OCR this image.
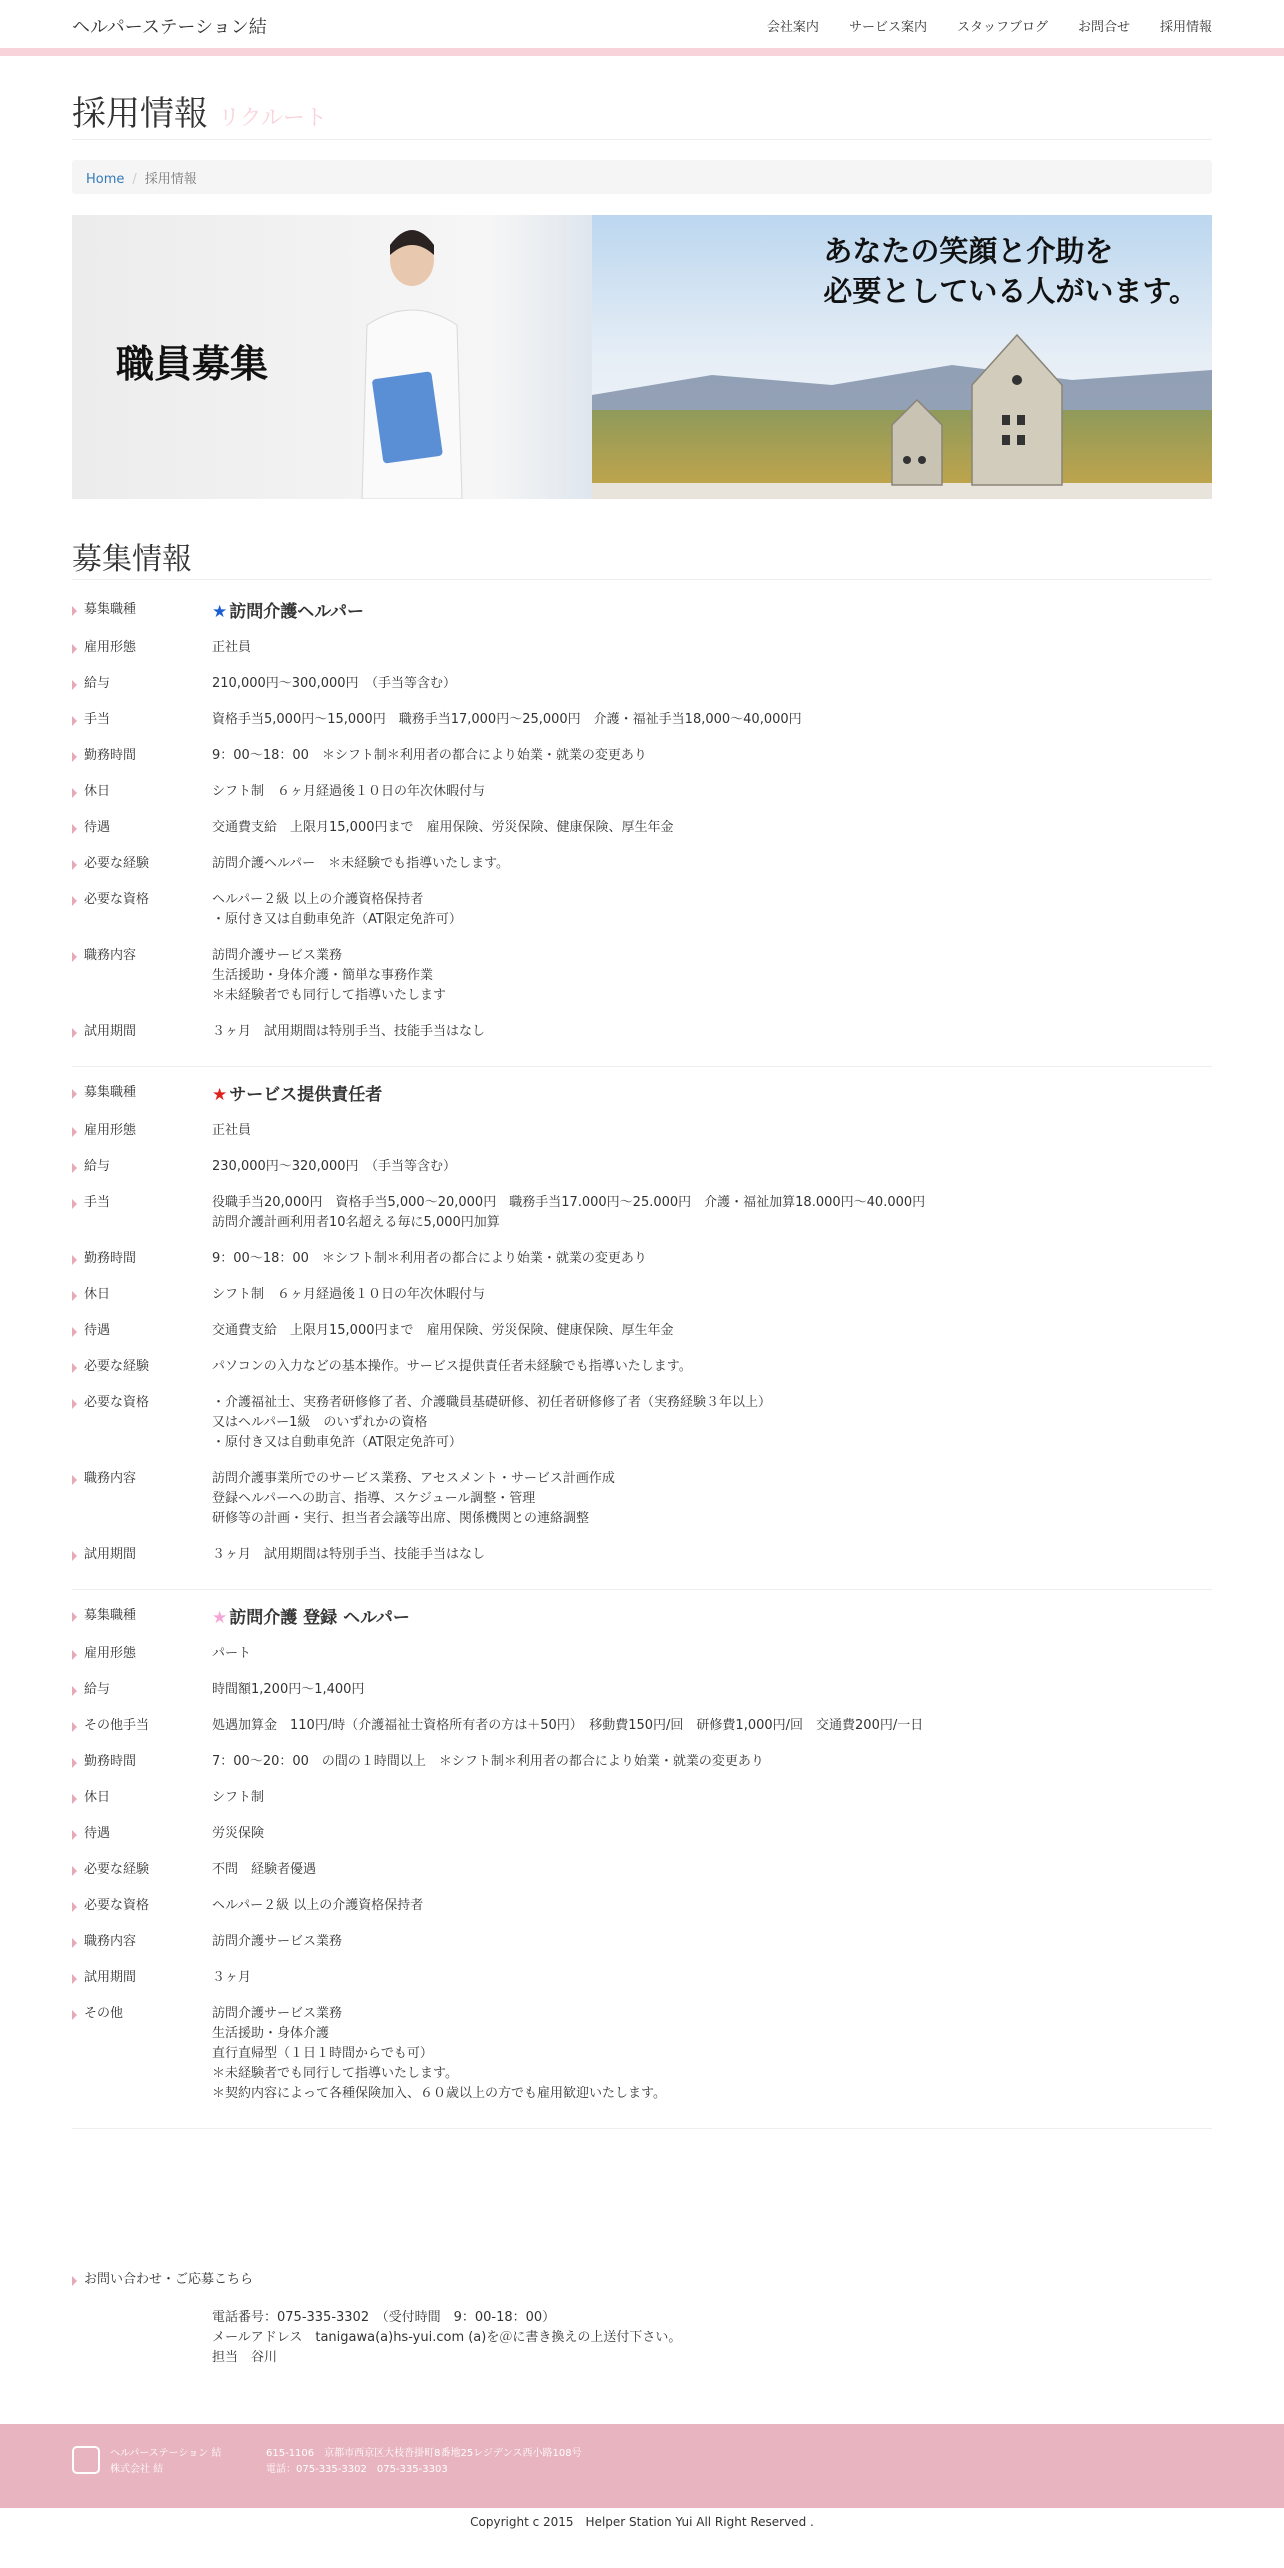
ヘルパーステーション結	会社案内 サービス案内 スタッフブログ お問合せ 採用情報
採用情報 リクルート
Home / 採用情報
職員募集
あなたの笑顔と介助を
必要としている人がいます。
募集情報
募集職種	★ 訪問介護ヘルパー
雇用形態	正社員
給与	210,000円～300,000円　（手当等含む）
手当	資格手当5,000円～15,000円　職務手当17,000円～25,000円　介護・福祉手当18,000～40,000円
勤務時間	9：00～18：00　＊シフト制＊利用者の都合により始業・就業の変更あり
休日	シフト制　６ヶ月経過後１０日の年次休暇付与
待遇	交通費支給　上限月15,000円まで　雇用保険、労災保険、健康保険、厚生年金
必要な経験	訪問介護ヘルパー　＊未経験でも指導いたします。
必要な資格	ヘルパー２級 以上の介護資格保持者
・原付き又は自動車免許（AT限定免許可）
職務内容	訪問介護サービス業務
生活援助・身体介護・簡単な事務作業
＊未経験者でも同行して指導いたします
試用期間	３ヶ月　試用期間は特別手当、技能手当はなし
募集職種	★ サービス提供責任者
雇用形態	正社員
給与	230,000円～320,000円　（手当等含む）
手当	役職手当20,000円　資格手当5,000～20,000円　職務手当17.000円～25.000円　介護・福祉加算18.000円～40.000円
訪問介護計画利用者10名超える毎に5,000円加算
勤務時間	9：00～18：00　＊シフト制＊利用者の都合により始業・就業の変更あり
休日	シフト制　６ヶ月経過後１０日の年次休暇付与
待遇	交通費支給　上限月15,000円まで　雇用保険、労災保険、健康保険、厚生年金
必要な経験	パソコンの入力などの基本操作。サービス提供責任者未経験でも指導いたします。
必要な資格	・介護福祉士、実務者研修修了者、介護職員基礎研修、初任者研修修了者（実務経験３年以上）
又はヘルパー1級　のいずれかの資格
・原付き又は自動車免許（AT限定免許可）
職務内容	訪問介護事業所でのサービス業務、アセスメント・サービス計画作成
登録ヘルパーへの助言、指導、スケジュール調整・管理
研修等の計画・実行、担当者会議等出席、関係機関との連絡調整
試用期間	３ヶ月　試用期間は特別手当、技能手当はなし
募集職種	★ 訪問介護 登録 ヘルパー
雇用形態	パート
給与	時間額1,200円～1,400円
その他手当	処遇加算金　110円/時（介護福祉士資格所有者の方は＋50円）　移動費150円/回　研修費1,000円/回　交通費200円/一日
勤務時間	7：00～20：00　の間の１時間以上　＊シフト制＊利用者の都合により始業・就業の変更あり
休日	シフト制
待遇	労災保険
必要な経験	不問　経験者優遇
必要な資格	ヘルパー２級 以上の介護資格保持者
職務内容	訪問介護サービス業務
試用期間	３ヶ月
その他	訪問介護サービス業務
生活援助・身体介護
直行直帰型（１日１時間からでも可）
＊未経験者でも同行して指導いたします。
＊契約内容によって各種保険加入、６０歳以上の方でも雇用歓迎いたします。
お問い合わせ・ご応募こちら
電話番号：075-335-3302　（受付時間　9：00-18：00）
メールアドレス　tanigawa(a)hs-yui.com (a)を＠に書き換えの上送付下さい。
担当　谷川
ヘルパーステーション 結
株式会社 結
615-1106　京都市西京区大枝沓掛町8番地25レジデンス西小路108号
電話：075-335-3302　075-335-3303
Copyright c 2015　Helper Station Yui All Right Reserved .
